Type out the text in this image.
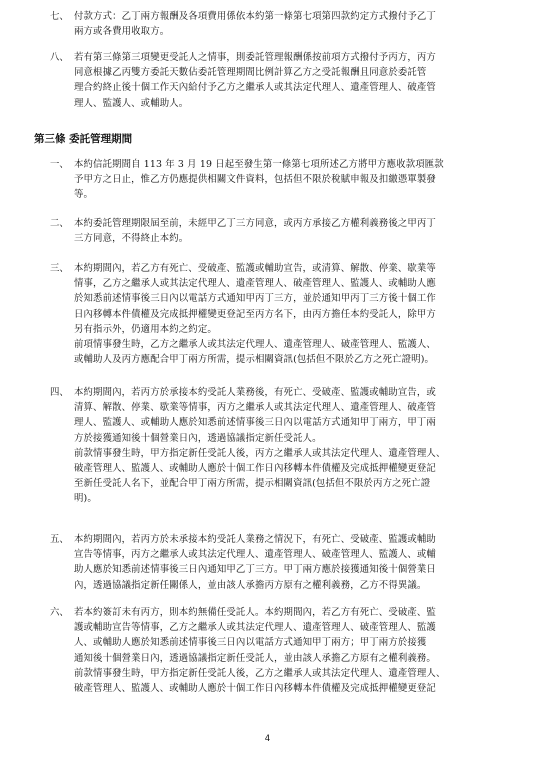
七、 付款方式：乙丁兩方報酬及各項費用係依本約第一條第七項第四款約定方式撥付予乙丁
兩方或各費用收取方。
八、 若有第三條第三項變更受託人之情事，則委託管理報酬係按前項方式撥付予丙方，丙方
同意根據乙丙雙方委託天數佔委託管理期間比例計算乙方之受託報酬且同意於委託管
理合約終止後十個工作天內給付予乙方之繼承人或其法定代理人、遺產管理人、破產管
理人、監護人、或輔助人。
第三條 委託管理期間
一、 本約信託期間自 113 年 3 月 19 日起至發生第一條第七項所述乙方將甲方應收款項匯款
予甲方之日止，惟乙方仍應提供相關文件資料，包括但不限於稅賦申報及扣繳憑單製發
等。
二、 本約委託管理期限屆至前，未經甲乙丁三方同意，或丙方承接乙方權利義務後之甲丙丁
三方同意，不得終止本約。
三、 本約期間內，若乙方有死亡、受破產、監護或輔助宣告，或清算、解散、停業、歇業等
情事，乙方之繼承人或其法定代理人、遺產管理人、破產管理人、監護人、或輔助人應
於知悉前述情事後三日內以電話方式通知甲丙丁三方，並於通知甲丙丁三方後十個工作
日內移轉本件債權及完成抵押權變更登記至丙方名下，由丙方擔任本約受託人，除甲方
另有指示外，仍適用本約之約定。
前項情事發生時，乙方之繼承人或其法定代理人、遺產管理人、破產管理人、監護人、
或輔助人及丙方應配合甲丁兩方所需，提示相關資訊(包括但不限於乙方之死亡證明)。
四、 本約期間內，若丙方於承接本約受託人業務後，有死亡、受破產、監護或輔助宣告，或
清算、解散、停業、歇業等情事，丙方之繼承人或其法定代理人、遺產管理人、破產管
理人、監護人、或輔助人應於知悉前述情事後三日內以電話方式通知甲丁兩方，甲丁兩
方於接獲通知後十個營業日內，透過協議指定新任受託人。
前款情事發生時，甲方指定新任受託人後，丙方之繼承人或其法定代理人、遺產管理人、
破產管理人、監護人、或輔助人應於十個工作日內移轉本件債權及完成抵押權變更登記
至新任受託人名下，並配合甲丁兩方所需，提示相關資訊(包括但不限於丙方之死亡證
明)。
五、 本約期間內，若丙方於未承接本約受託人業務之情況下，有死亡、受破產、監護或輔助
宣告等情事，丙方之繼承人或其法定代理人、遺產管理人、破產管理人、監護人、或輔
助人應於知悉前述情事後三日內通知甲乙丁三方。甲丁兩方應於接獲通知後十個營業日
內，透過協議指定新任關係人，並由該人承擔丙方原有之權利義務，乙方不得異議。
六、 若本約簽訂未有丙方，則本約無備任受託人。本約期間內，若乙方有死亡、受破產、監
護或輔助宣告等情事，乙方之繼承人或其法定代理人、遺產管理人、破產管理人、監護
人、或輔助人應於知悉前述情事後三日內以電話方式通知甲丁兩方；甲丁兩方於接獲
通知後十個營業日內，透過協議指定新任受託人，並由該人承擔乙方原有之權利義務。
前款情事發生時，甲方指定新任受託人後，乙方之繼承人或其法定代理人、遺產管理人、
破產管理人、監護人、或輔助人應於十個工作日內移轉本件債權及完成抵押權變更登記
4
